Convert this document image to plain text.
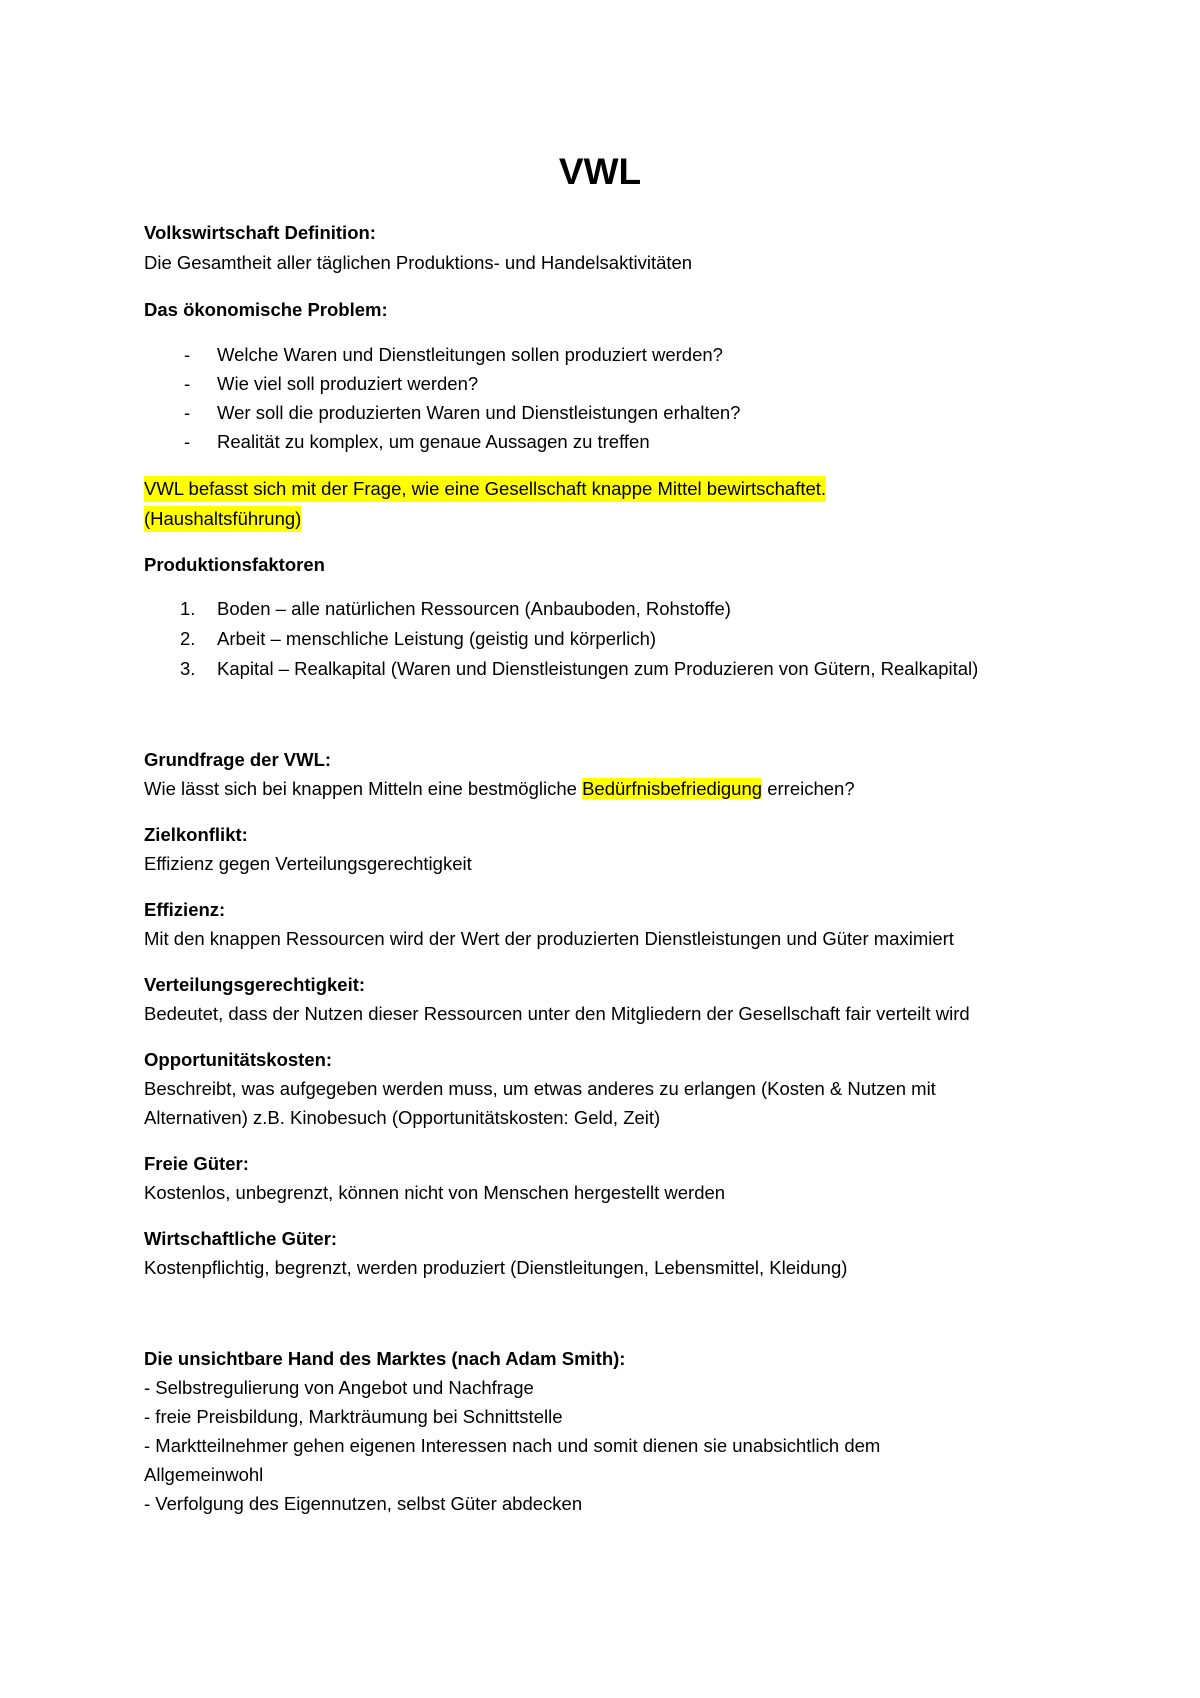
VWL
Volkswirtschaft Definition:
Die Gesamtheit aller täglichen Produktions- und Handelsaktivitäten
Das ökonomische Problem:
- Welche Waren und Dienstleitungen sollen produziert werden?
- Wie viel soll produziert werden?
- Wer soll die produzierten Waren und Dienstleistungen erhalten?
- Realität zu komplex, um genaue Aussagen zu treffen
VWL befasst sich mit der Frage, wie eine Gesellschaft knappe Mittel bewirtschaftet.
(Haushaltsführung)
Produktionsfaktoren
1. Boden – alle natürlichen Ressourcen (Anbauboden, Rohstoffe)
2. Arbeit – menschliche Leistung (geistig und körperlich)
3. Kapital – Realkapital (Waren und Dienstleistungen zum Produzieren von Gütern, Realkapital)
Grundfrage der VWL:
Wie lässt sich bei knappen Mitteln eine bestmögliche Bedürfnisbefriedigung erreichen?
Zielkonflikt:
Effizienz gegen Verteilungsgerechtigkeit
Effizienz:
Mit den knappen Ressourcen wird der Wert der produzierten Dienstleistungen und Güter maximiert
Verteilungsgerechtigkeit:
Bedeutet, dass der Nutzen dieser Ressourcen unter den Mitgliedern der Gesellschaft fair verteilt wird
Opportunitätskosten:
Beschreibt, was aufgegeben werden muss, um etwas anderes zu erlangen (Kosten & Nutzen mit
Alternativen) z.B. Kinobesuch (Opportunitätskosten: Geld, Zeit)
Freie Güter:
Kostenlos, unbegrenzt, können nicht von Menschen hergestellt werden
Wirtschaftliche Güter:
Kostenpflichtig, begrenzt, werden produziert (Dienstleitungen, Lebensmittel, Kleidung)
Die unsichtbare Hand des Marktes (nach Adam Smith):
- Selbstregulierung von Angebot und Nachfrage
- freie Preisbildung, Markträumung bei Schnittstelle
- Marktteilnehmer gehen eigenen Interessen nach und somit dienen sie unabsichtlich dem
Allgemeinwohl
- Verfolgung des Eigennutzen, selbst Güter abdecken
